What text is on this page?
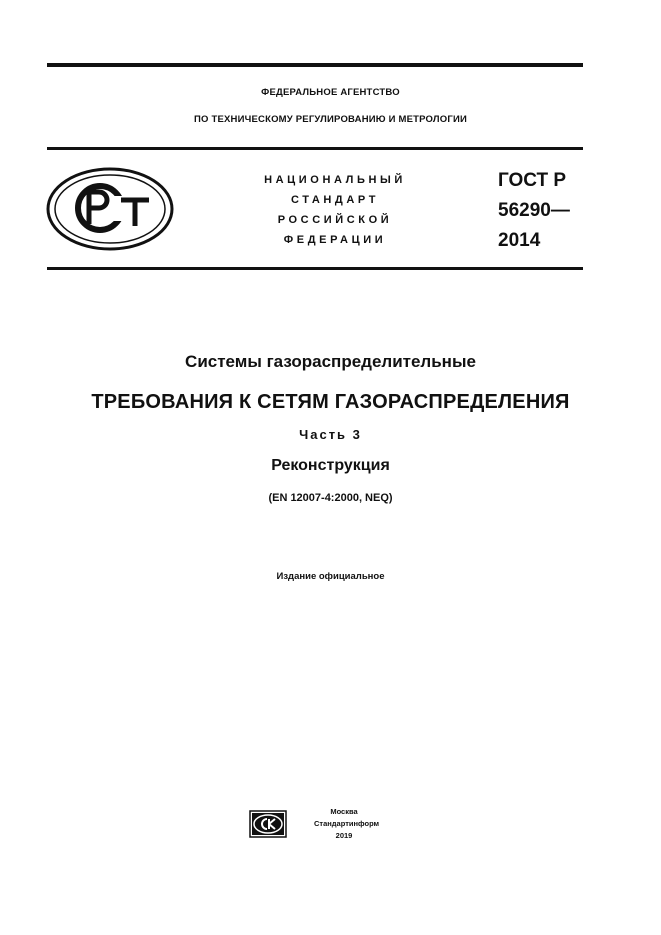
ФЕДЕРАЛЬНОЕ АГЕНТСТВО
ПО ТЕХНИЧЕСКОМУ РЕГУЛИРОВАНИЮ И МЕТРОЛОГИИ
НАЦИОНАЛЬНЫЙ
СТАНДАРТ
РОССИЙСКОЙ
ФЕДЕРАЦИИ
ГОСТ Р
56290—
2014
Системы газораспределительные
ТРЕБОВАНИЯ К СЕТЯМ ГАЗОРАСПРЕДЕЛЕНИЯ
Часть 3
Реконструкция
(EN 12007-4:2000, NEQ)
Издание официальное
Москва
Стандартинформ
2019
